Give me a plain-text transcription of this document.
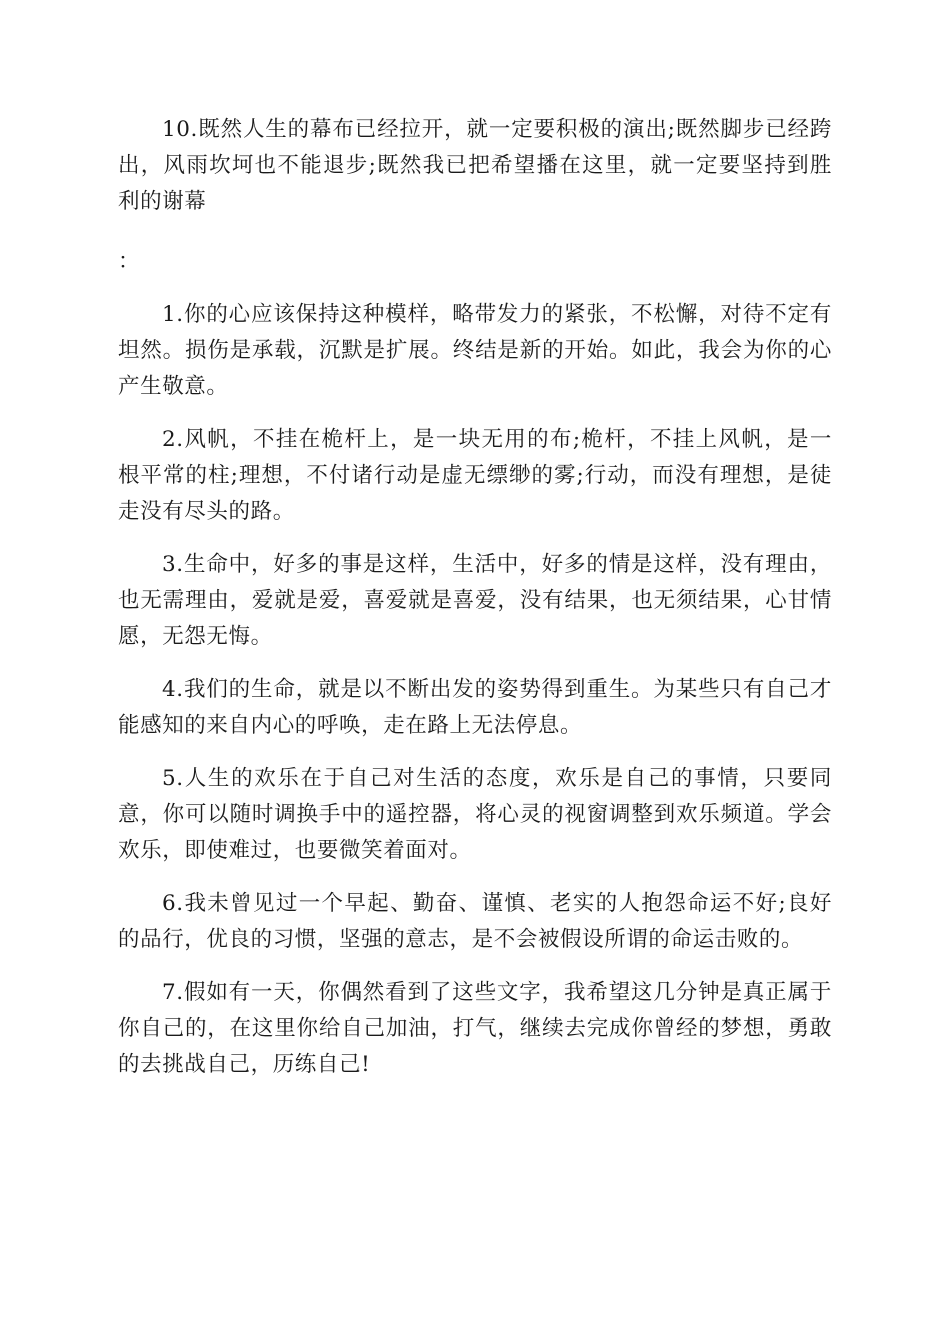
10.既然人生的幕布已经拉开，就一定要积极的演出;既然脚步已经跨出，风雨坎坷也不能退步;既然我已把希望播在这里，就一定要坚持到胜利的谢幕

：

1.你的心应该保持这种模样，略带发力的紧张，不松懈，对待不定有坦然。损伤是承载，沉默是扩展。终结是新的开始。如此，我会为你的心产生敬意。

2.风帆，不挂在桅杆上，是一块无用的布;桅杆，不挂上风帆，是一根平常的柱;理想，不付诸行动是虚无缥缈的雾;行动，而没有理想，是徒走没有尽头的路。

3.生命中，好多的事是这样，生活中，好多的情是这样，没有理由，也无需理由，爱就是爱，喜爱就是喜爱，没有结果，也无须结果，心甘情愿，无怨无悔。

4.我们的生命，就是以不断出发的姿势得到重生。为某些只有自己才能感知的来自内心的呼唤，走在路上无法停息。

5.人生的欢乐在于自己对生活的态度，欢乐是自己的事情，只要同意，你可以随时调换手中的遥控器，将心灵的视窗调整到欢乐频道。学会欢乐，即使难过，也要微笑着面对。

6.我未曾见过一个早起、勤奋、谨慎、老实的人抱怨命运不好;良好的品行，优良的习惯，坚强的意志，是不会被假设所谓的命运击败的。

7.假如有一天，你偶然看到了这些文字，我希望这几分钟是真正属于你自己的，在这里你给自己加油，打气，继续去完成你曾经的梦想，勇敢的去挑战自己，历练自己!
